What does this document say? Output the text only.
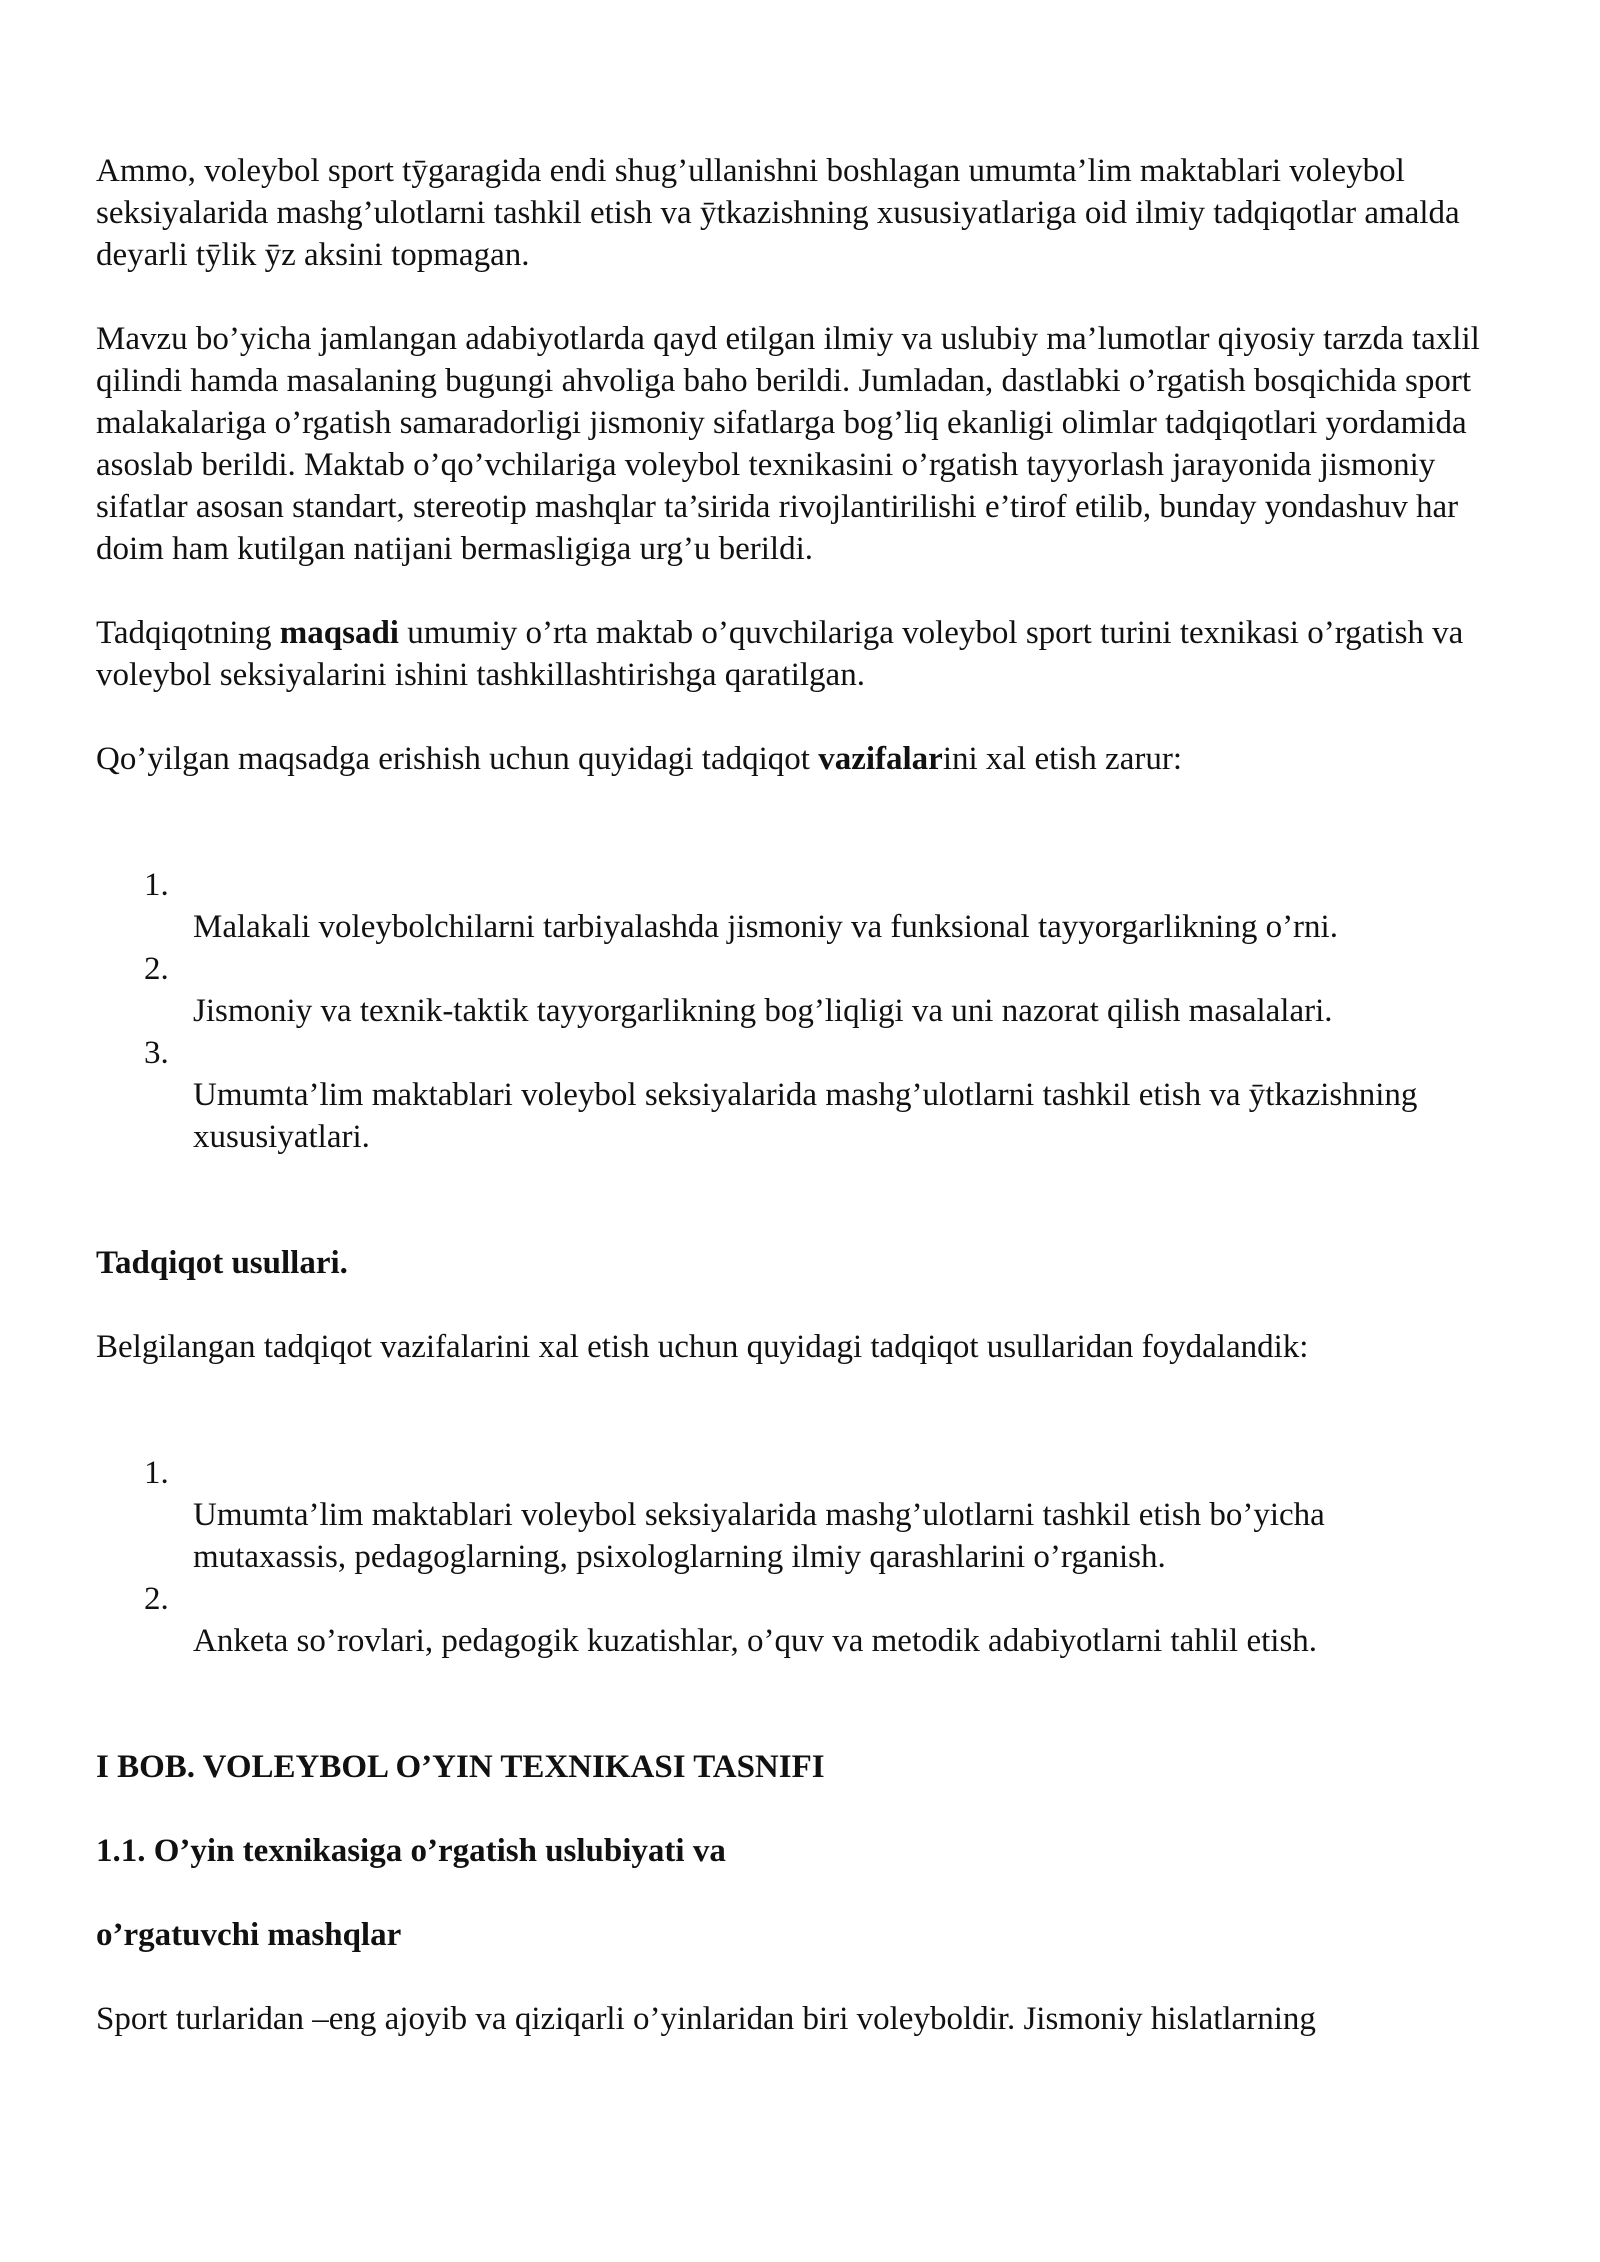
Ammo, voleybol sport tӯgaragida endi shug’ullanishni boshlagan umumta’lim maktablari voleybol seksiyalarida mashg’ulotlarni tashkil etish va ӯtkazishning xususiyatlariga oid ilmiy tadqiqotlar amalda deyarli tӯlik ӯz aksini topmagan.

Mavzu bo’yicha jamlangan adabiyotlarda qayd etilgan ilmiy va uslubiy ma’lumotlar qiyosiy tarzda taxlil qilindi hamda masalaning bugungi ahvoliga baho berildi. Jumladan, dastlabki o’rgatish bosqichida sport malakalariga o’rgatish samaradorligi jismoniy sifatlarga bog’liq ekanligi olimlar tadqiqotlari yordamida asoslab berildi. Maktab o’qo’vchilariga voleybol texnikasini o’rgatish tayyorlash jarayonida jismoniy sifatlar asosan standart, stereotip mashqlar ta’sirida rivojlantirilishi e’tirof etilib, bunday yondashuv har doim ham kutilgan natijani bermasligiga urg’u berildi.

Tadqiqotning maqsadi umumiy o’rta maktab o’quvchilariga voleybol sport turini texnikasi o’rgatish va voleybol seksiyalarini ishini tashkillashtirishga qaratilgan.

Qo’yilgan maqsadga erishish uchun quyidagi tadqiqot vazifalarini xal etish zarur:

1.
Malakali voleybolchilarni tarbiyalashda jismoniy va funksional tayyorgarlikning o’rni.
2.
Jismoniy va texnik-taktik tayyorgarlikning bog’liqligi va uni nazorat qilish masalalari.
3.
Umumta’lim maktablari voleybol seksiyalarida mashg’ulotlarni tashkil etish va ӯtkazishning xususiyatlari.

Tadqiqot usullari.

Belgilangan tadqiqot vazifalarini xal etish uchun quyidagi tadqiqot usullaridan foydalandik:

1.
Umumta’lim maktablari voleybol seksiyalarida mashg’ulotlarni tashkil etish bo’yicha mutaxassis, pedagoglarning, psixologlarning ilmiy qarashlarini o’rganish.
2.
Anketa so’rovlari, pedagogik kuzatishlar, o’quv va metodik adabiyotlarni tahlil etish.

I BOB. VOLEYBOL O’YIN TEXNIKASI TASNIFI

1.1. O’yin texnikasiga o’rgatish uslubiyati va

o’rgatuvchi mashqlar

Sport turlaridan –eng ajoyib va qiziqarli o’yinlaridan biri voleyboldir. Jismoniy hislatlarning
